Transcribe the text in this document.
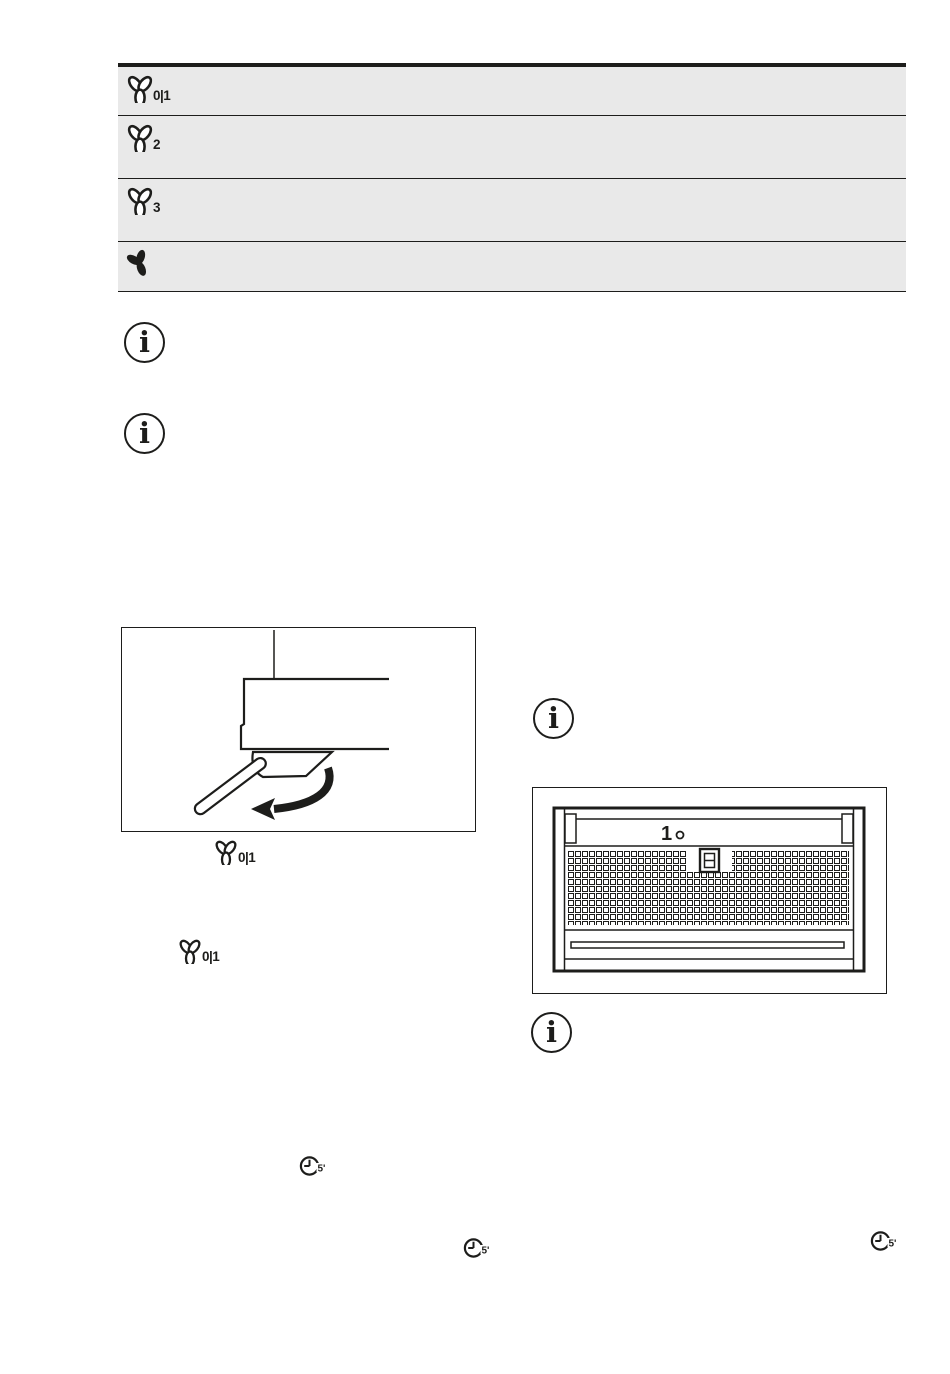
0|1
2
3
i
i
0|1
0|1
i
1
i
5'
5'
5'
